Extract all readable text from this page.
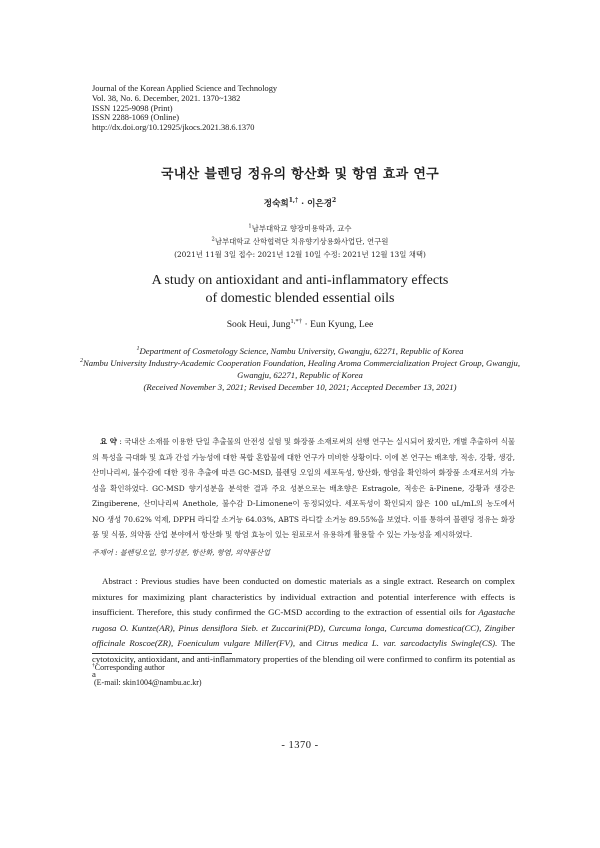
Journal of the Korean Applied Science and Technology
Vol. 38, No. 6. December, 2021. 1370~1382
ISSN 1225-9098 (Print)
ISSN 2288-1069 (Online)
http://dx.doi.org/10.12925/jkocs.2021.38.6.1370
국내산 블렌딩 정유의 항산화 및 항염 효과 연구
정숙희$^{1,\dagger}$ · 이은경$^2$
$^1$남부대학교 향장미용학과, 교수
$^2$남부대학교 산학협력단 치유향기상용화사업단, 연구원
(2021년 11월 3일 접수: 2021년 12월 10일 수정: 2021년 12월 13일 채택)
A study on antioxidant and anti-inflammatory effects
of domestic blended essential oils
Sook Heui, Jung$^{1,*\dagger}$ · Eun Kyung, Lee
$^1$Department of Cosmetology Science, Nambu University, Gwangju, 62271, Republic of Korea
$^2$Nambu University Industry-Academic Cooperation Foundation, Healing Aroma Commercialization Project Group, Gwangju, Gwangju, 62271, Republic of Korea
(Received November 3, 2021; Revised December 10, 2021; Accepted December 13, 2021)
요 약 : 국내산 소재를 이용한 단일 추출물의 안전성 실험 및 화장품 소재로써의 선행 연구는 실시되어 왔지만, 개별 추출하여 식물의 특성을 극대화 및 효과 간섭 가능성에 대한 복합 혼합물에 대한 연구가 미비한 상황이다. 이에 본 연구는 배초향, 적송, 강황, 생강, 산미나리씨, 불수감에 대한 정유 추출에 따른 GC-MSD, 블렌딩 오일의 세포독성, 항산화, 항염을 확인하여 화장품 소재로서의 가능성을 확인하였다. GC-MSD 향기성분을 분석한 결과 주요 성분으로는 배초향은 Estragole, 적송은 ā-Pinene, 강황과 생강은 Zingiberene, 산미나리씨 Anethole, 불수감 D-Limonene이 동정되었다. 세포독성이 확인되지 않은 100 uL/mL의 농도에서 NO 생성 70.62% 억제, DPPH 라디칼 소거능 64.03%, ABTS 라디칼 소거능 89.55%을 보였다. 이를 통하여 블렌딩 정유는 화장품 및 식품, 의약품 산업 분야에서 항산화 및 항염 효능이 있는 원료로서 유용하게 활용할 수 있는 가능성을 제시하였다.
주제어 : 블렌딩오일, 향기성분, 항산화, 항염, 의약품산업
Abstract : Previous studies have been conducted on domestic materials as a single extract. Research on complex mixtures for maximizing plant characteristics by individual extraction and potential interference with effects is insufficient. Therefore, this study confirmed the GC-MSD according to the extraction of essential oils for Agastache rugosa O. Kuntze(AR), Pinus densiflora Sieb. et Zuccarini(PD), Curcuma longa, Curcuma domestica(CC), Zingiber officinale Roscoe(ZR), Foeniculum vulgare Miller(FV), and Citrus medica L. var. sarcodactylis Swingle(CS). The cytotoxicity, antioxidant, and anti-inflammatory properties of the blending oil were confirmed to confirm its potential as a
†Corresponding author
(E-mail: skin1004@nambu.ac.kr)
- 1370 -
